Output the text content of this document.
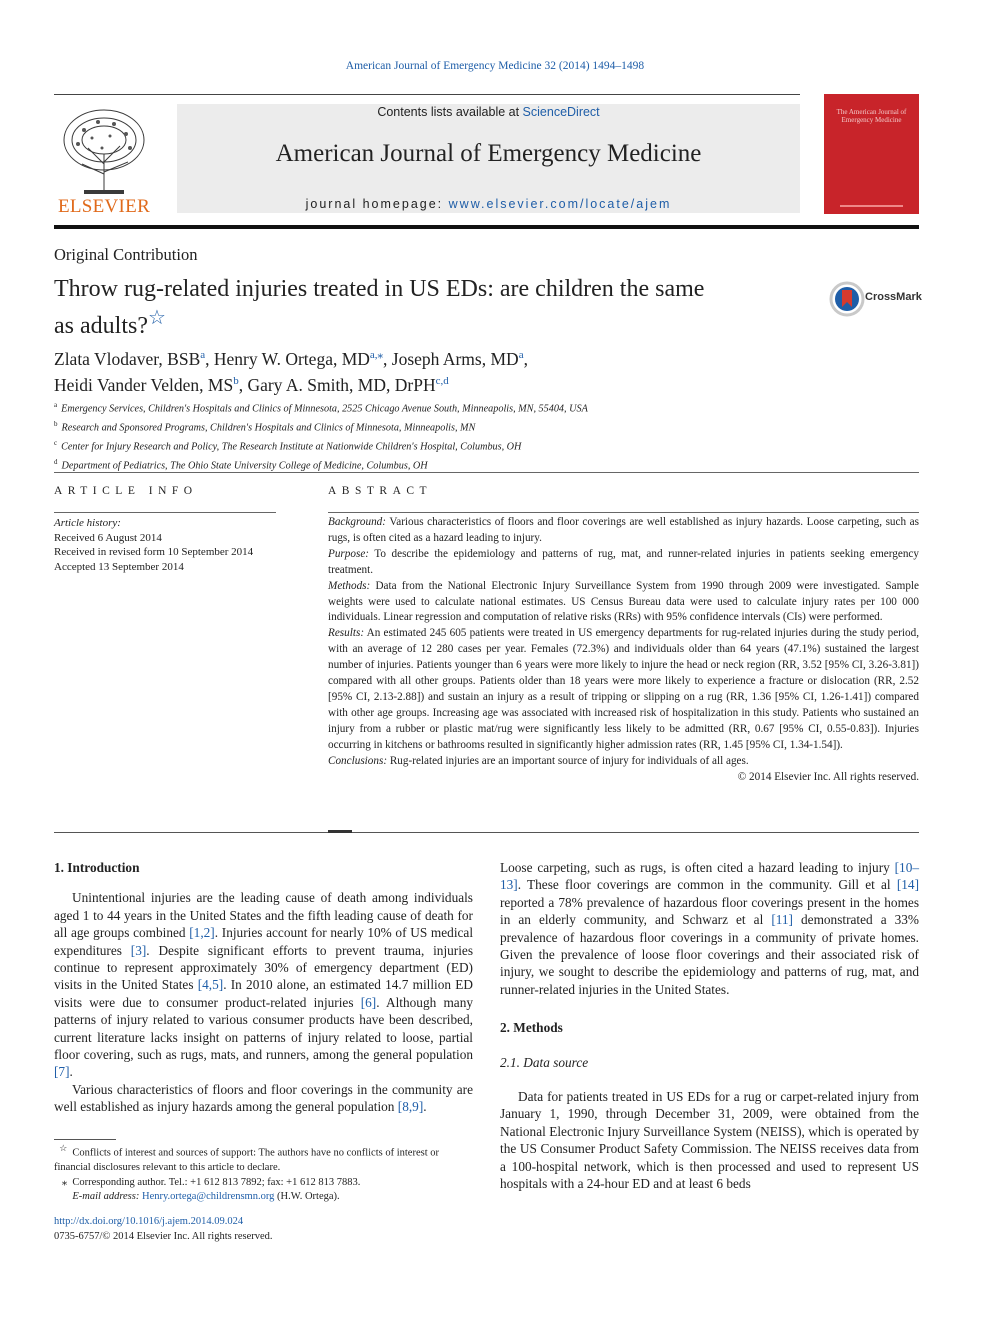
American Journal of Emergency Medicine 32 (2014) 1494–1498
ELSEVIER
Contents lists available at ScienceDirect
American Journal of Emergency Medicine
journal homepage: www.elsevier.com/locate/ajem
The American Journal of Emergency Medicine
Original Contribution
Throw rug-related injuries treated in US EDs: are children the same
as adults?☆
CrossMark
Zlata Vlodaver, BSB$^a$, Henry W. Ortega, $MD^{a,⁎}$, Joseph Arms, $MD^a$,
Heidi Vander Velden, $MS^b$, Gary A. Smith, MD, DrPH$^{c,d}$
$^a$ Emergency Services, Children's Hospitals and Clinics of Minnesota, 2525 Chicago Avenue South, Minneapolis, MN, 55404, USA
$^b$ Research and Sponsored Programs, Children's Hospitals and Clinics of Minnesota, Minneapolis, MN
$^c$ Center for Injury Research and Policy, The Research Institute at Nationwide Children's Hospital, Columbus, OH
$^d$ Department of Pediatrics, The Ohio State University College of Medicine, Columbus, OH
ARTICLE INFO
Article history:
Received 6 August 2014
Received in revised form 10 September 2014
Accepted 13 September 2014
ABSTRACT

Background: Various characteristics of floors and floor coverings are well established as injury hazards. Loose carpeting, such as rugs, is often cited as a hazard leading to injury.

Purpose: To describe the epidemiology and patterns of rug, mat, and runner-related injuries in patients seeking emergency treatment.

Methods: Data from the National Electronic Injury Surveillance System from 1990 through 2009 were investigated. Sample weights were used to calculate national estimates. US Census Bureau data were used to calculate injury rates per 100 000 individuals. Linear regression and computation of relative risks (RRs) with 95% confidence intervals (CIs) were performed.

Results: An estimated 245 605 patients were treated in US emergency departments for rug-related injuries during the study period, with an average of 12 280 cases per year. Females (72.3%) and individuals older than 64 years (47.1%) sustained the largest number of injuries. Patients younger than 6 years were more likely to injure the head or neck region (RR, 3.52 [95% CI, 3.26-3.81]) compared with all other groups. Patients older than 18 years were more likely to experience a fracture or dislocation (RR, 2.52 [95% CI, 2.13-2.88]) and sustain an injury as a result of tripping or slipping on a rug (RR, 1.36 [95% CI, 1.26-1.41]) compared with other age groups. Increasing age was associated with increased risk of hospitalization in this study. Patients who sustained an injury from a rubber or plastic mat/rug were significantly less likely to be admitted (RR, 0.67 [95% CI, 0.55-0.83]). Injuries occurring in kitchens or bathrooms resulted in significantly higher admission rates (RR, 1.45 [95% CI, 1.34-1.54]).

Conclusions: Rug-related injuries are an important source of injury for individuals of all ages.

© 2014 Elsevier Inc. All rights reserved.

1. Introduction

Unintentional injuries are the leading cause of death among individuals aged 1 to 44 years in the United States and the fifth leading cause of death for all age groups combined [1,2]. Injuries account for nearly 10% of US medical expenditures [3]. Despite significant efforts to prevent trauma, injuries continue to represent approximately 30% of emergency department (ED) visits in the United States [4,5]. In 2010 alone, an estimated 14.7 million ED visits were due to consumer product-related injuries [6]. Although many patterns of injury related to various consumer products have been described, current literature lacks insight on patterns of injury related to loose, partial floor covering, such as rugs, mats, and runners, among the general population [7].

Various characteristics of floors and floor coverings in the community are well established as injury hazards among the general population [8,9].

Loose carpeting, such as rugs, is often cited a hazard leading to injury [10–13]. These floor coverings are common in the community. Gill et al [14] reported a 78% prevalence of hazardous floor coverings present in the homes in an elderly community, and Schwarz et al [11] demonstrated a 33% prevalence of hazardous floor coverings in a community of private homes. Given the prevalence of loose floor coverings and their associated risk of injury, we sought to describe the epidemiology and patterns of rug, mat, and runner-related injuries in the United States.

2. Methods
2.1. Data source

Data for patients treated in US EDs for a rug or carpet-related injury from January 1, 1990, through December 31, 2009, were obtained from the National Electronic Injury Surveillance System (NEISS), which is operated by the US Consumer Product Safety Commission. The NEISS receives data from a 100-hospital network, which is then processed and used to represent US hospitals with a 24-hour ED and at least 6 beds

☆ Conflicts of interest and sources of support: The authors have no conflicts of interest or financial disclosures relevant to this article to declare.

⁎ Corresponding author. Tel.: +1 612 813 7892; fax: +1 612 813 7883.

E-mail address: Henry.ortega@childrensmn.org (H.W. Ortega).

http://dx.doi.org/10.1016/j.ajem.2014.09.024
0735-6757/© 2014 Elsevier Inc. All rights reserved.
